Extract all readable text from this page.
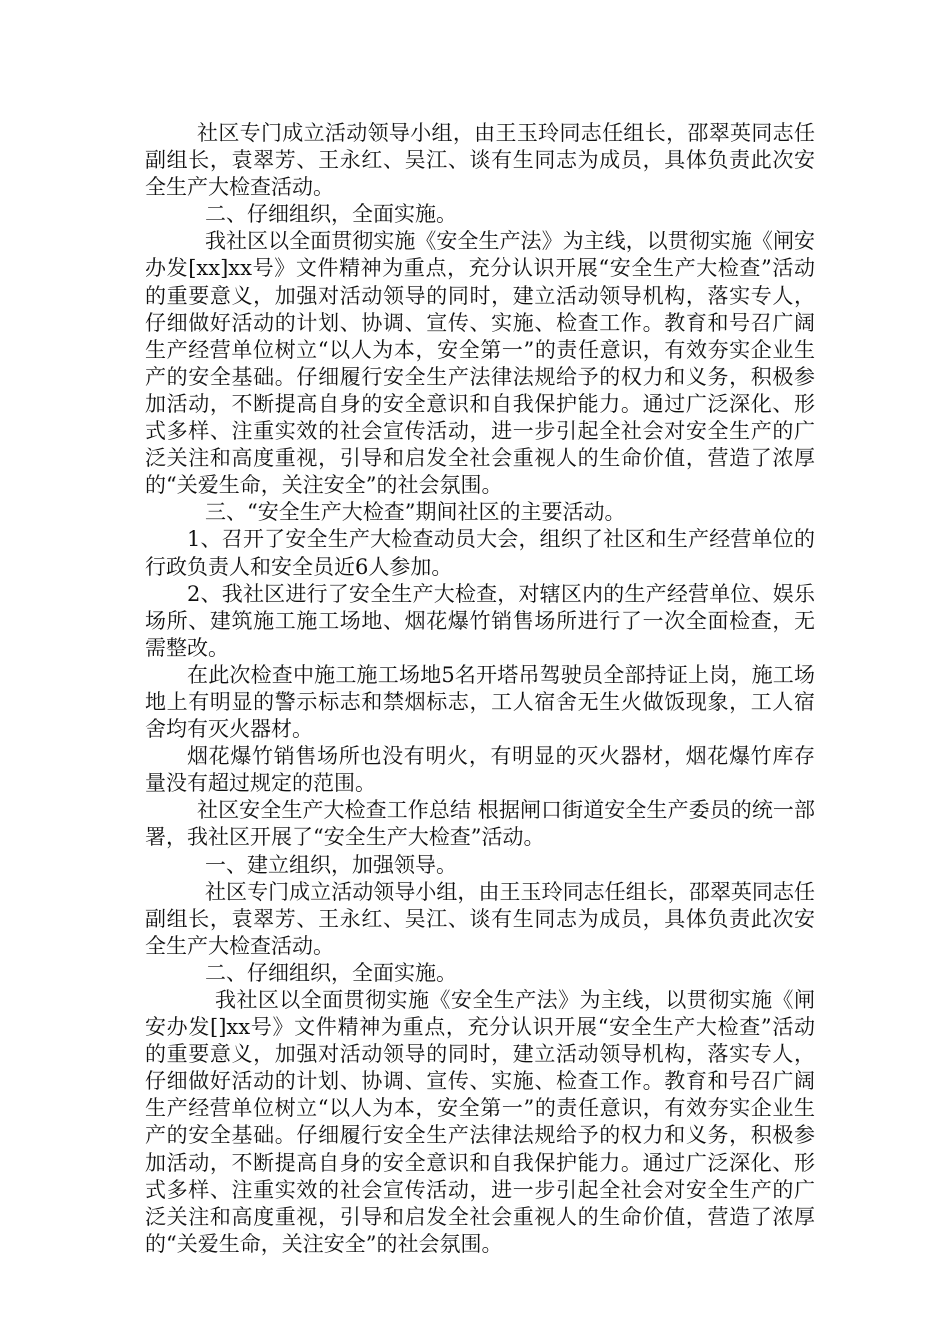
社区专门成立活动领导小组，由王玉玲同志任组长，邵翠英同志任副组长，袁翠芳、王永红、吴江、谈有生同志为成员，具体负责此次安全生产大检查活动。

二、仔细组织，全面实施。

我社区以全面贯彻实施《安全生产法》为主线，以贯彻实施《闸安办发[xx]xx号》文件精神为重点，充分认识开展“安全生产大检查”活动的重要意义，加强对活动领导的同时，建立活动领导机构，落实专人，仔细做好活动的计划、协调、宣传、实施、检查工作。教育和号召广阔生产经营单位树立“以人为本，安全第一”的责任意识，有效夯实企业生产的安全基础。仔细履行安全生产法律法规给予的权力和义务，积极参加活动，不断提高自身的安全意识和自我保护能力。通过广泛深化、形式多样、注重实效的社会宣传活动，进一步引起全社会对安全生产的广泛关注和高度重视，引导和启发全社会重视人的生命价值，营造了浓厚的“关爱生命，关注安全”的社会氛围。

三、“安全生产大检查”期间社区的主要活动。

1、召开了安全生产大检查动员大会，组织了社区和生产经营单位的行政负责人和安全员近6人参加。

2、我社区进行了安全生产大检查，对辖区内的生产经营单位、娱乐场所、建筑施工施工场地、烟花爆竹销售场所进行了一次全面检查，无需整改。

在此次检查中施工施工场地5名开塔吊驾驶员全部持证上岗，施工场地上有明显的警示标志和禁烟标志，工人宿舍无生火做饭现象，工人宿舍均有灭火器材。

烟花爆竹销售场所也没有明火，有明显的灭火器材，烟花爆竹库存量没有超过规定的范围。

社区安全生产大检查工作总结 根据闸口街道安全生产委员的统一部署，我社区开展了“安全生产大检查”活动。

一、建立组织，加强领导。

社区专门成立活动领导小组，由王玉玲同志任组长，邵翠英同志任副组长，袁翠芳、王永红、吴江、谈有生同志为成员，具体负责此次安全生产大检查活动。

二、仔细组织，全面实施。

我社区以全面贯彻实施《安全生产法》为主线，以贯彻实施《闸安办发[]xx号》文件精神为重点，充分认识开展“安全生产大检查”活动的重要意义，加强对活动领导的同时，建立活动领导机构，落实专人，仔细做好活动的计划、协调、宣传、实施、检查工作。教育和号召广阔生产经营单位树立“以人为本，安全第一”的责任意识，有效夯实企业生产的安全基础。仔细履行安全生产法律法规给予的权力和义务，积极参加活动，不断提高自身的安全意识和自我保护能力。通过广泛深化、形式多样、注重实效的社会宣传活动，进一步引起全社会对安全生产的广泛关注和高度重视，引导和启发全社会重视人的生命价值，营造了浓厚的“关爱生命，关注安全”的社会氛围。
